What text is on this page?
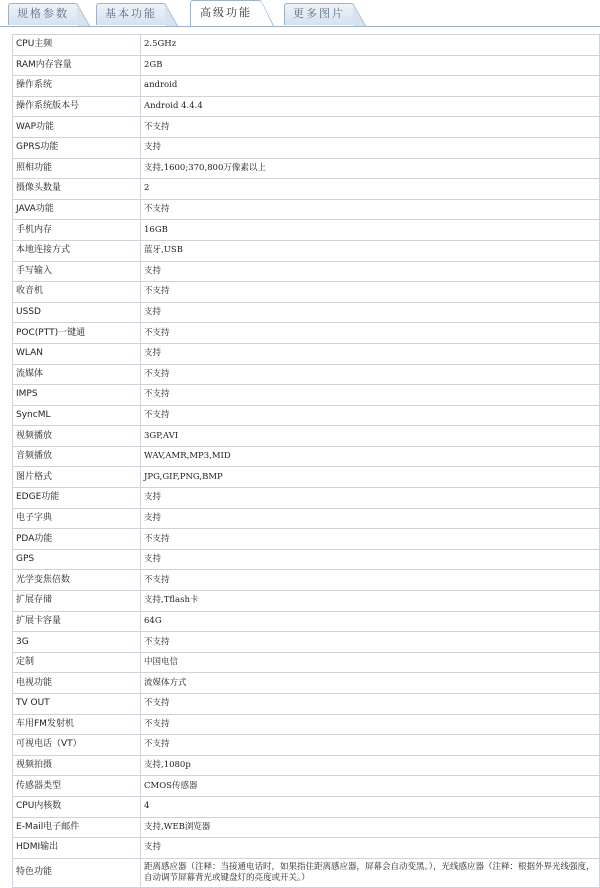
规格参数	基本功能	高级功能	更多图片
CPU主频	2.5GHz
RAM内存容量	2GB
操作系统	android
操作系统版本号	Android 4.4.4
WAP功能	不支持
GPRS功能	支持
照相功能	支持,1600;370,800万像素以上
摄像头数量	2
JAVA功能	不支持
手机内存	16GB
本地连接方式	蓝牙,USB
手写输入	支持
收音机	不支持
USSD	支持
POC(PTT)一键通	不支持
WLAN	支持
流媒体	不支持
IMPS	不支持
SyncML	不支持
视频播放	3GP,AVI
音频播放	WAV,AMR,MP3,MID
图片格式	JPG,GIF,PNG,BMP
EDGE功能	支持
电子字典	支持
PDA功能	不支持
GPS	支持
光学变焦倍数	不支持
扩展存储	支持,Tflash卡
扩展卡容量	64G
3G	不支持
定制	中国电信
电视功能	流媒体方式
TV OUT	不支持
车用FM发射机	不支持
可视电话（VT）	不支持
视频拍摄	支持,1080p
传感器类型	CMOS传感器
CPU内核数	4
E-Mail电子邮件	支持,WEB浏览器
HDMI输出	支持
特色功能	距离感应器（注释：当接通电话时，如果指住距离感应器，屏幕会自动变黑。），光线感应器（注释：根据外界光线强度，自动调节屏幕背光或键盘灯的亮度或开关。）
